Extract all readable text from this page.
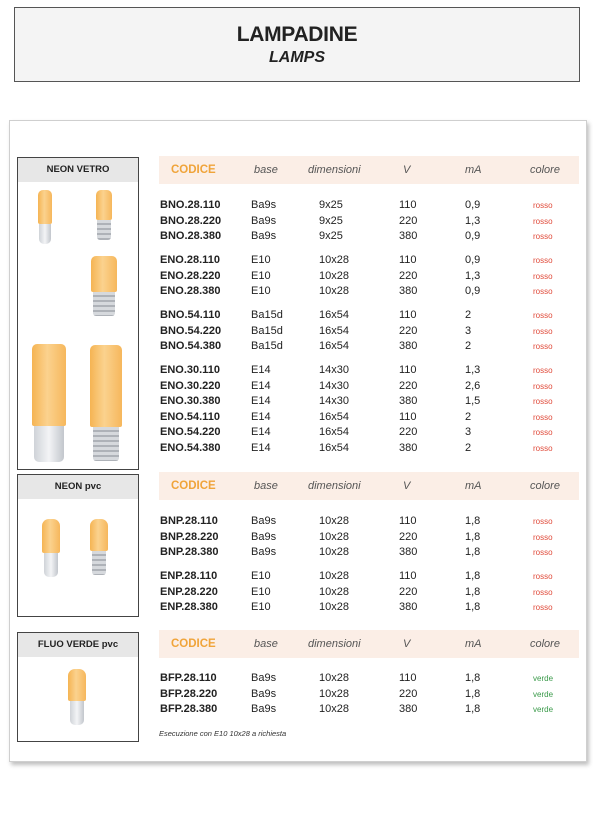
LAMPADINE
LAMPS
NEON VETRO
NEON pvc
FLUO VERDE pvc
CODICE	base	dimensioni	V	mA	colore
CODICE	base	dimensioni	V	mA	colore
CODICE	base	dimensioni	V	mA	colore
BNO.28.110	Ba9s	9x25	110	0,9	rosso
BNO.28.220	Ba9s	9x25	220	1,3	rosso
BNO.28.380	Ba9s	9x25	380	0,9	rosso
ENO.28.110	E10	10x28	110	0,9	rosso
ENO.28.220	E10	10x28	220	1,3	rosso
ENO.28.380	E10	10x28	380	0,9	rosso
BNO.54.110	Ba15d	16x54	110	2	rosso
BNO.54.220	Ba15d	16x54	220	3	rosso
BNO.54.380	Ba15d	16x54	380	2	rosso
ENO.30.110	E14	14x30	110	1,3	rosso
ENO.30.220	E14	14x30	220	2,6	rosso
ENO.30.380	E14	14x30	380	1,5	rosso
ENO.54.110	E14	16x54	110	2	rosso
ENO.54.220	E14	16x54	220	3	rosso
ENO.54.380	E14	16x54	380	2	rosso
BNP.28.110	Ba9s	10x28	110	1,8	rosso
BNP.28.220	Ba9s	10x28	220	1,8	rosso
BNP.28.380	Ba9s	10x28	380	1,8	rosso
ENP.28.110	E10	10x28	110	1,8	rosso
ENP.28.220	E10	10x28	220	1,8	rosso
ENP.28.380	E10	10x28	380	1,8	rosso
BFP.28.110	Ba9s	10x28	110	1,8	verde
BFP.28.220	Ba9s	10x28	220	1,8	verde
BFP.28.380	Ba9s	10x28	380	1,8	verde
Esecuzione con E10 10x28 a richiesta
